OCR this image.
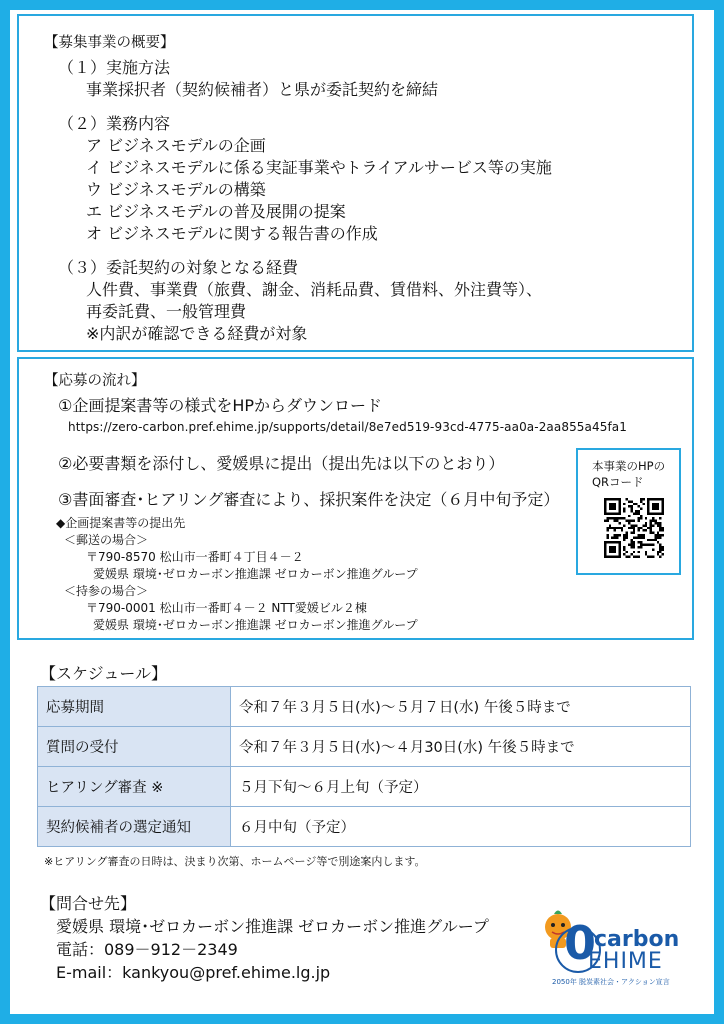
【募集事業の概要】
（１）実施方法
事業採択者（契約候補者）と県が委託契約を締結
（２）業務内容
ア ビジネスモデルの企画
イ ビジネスモデルに係る実証事業やトライアルサービス等の実施
ウ ビジネスモデルの構築
エ ビジネスモデルの普及展開の提案
オ ビジネスモデルに関する報告書の作成
（３）委託契約の対象となる経費
人件費、事業費（旅費、謝金、消耗品費、賃借料、外注費等）、
再委託費、一般管理費
※内訳が確認できる経費が対象
【応募の流れ】
①企画提案書等の様式をHPからダウンロード
https://zero-carbon.pref.ehime.jp/supports/detail/8e7ed519-93cd-4775-aa0a-2aa855a45fa1
②必要書類を添付し、愛媛県に提出（提出先は以下のとおり）
③書面審査･ヒアリング審査により、採択案件を決定（６月中旬予定）
◆企画提案書等の提出先
＜郵送の場合＞
〒790-8570 松山市一番町４丁目４－２
愛媛県 環境･ゼロカーボン推進課 ゼロカーボン推進グループ
＜持参の場合＞
〒790-0001 松山市一番町４－２ NTT愛媛ビル２棟
愛媛県 環境･ゼロカーボン推進課 ゼロカーボン推進グループ
本事業のHPの
QRコード
【スケジュール】
応募期間	令和７年３月５日(水)～５月７日(水) 午後５時まで
質問の受付	令和７年３月５日(水)～４月30日(水) 午後５時まで
ヒアリング審査 ※	５月下旬～６月上旬（予定）
契約候補者の選定通知	６月中旬（予定）
※ヒアリング審査の日時は、決まり次第、ホームページ等で別途案内します。
【問合せ先】
愛媛県 環境･ゼロカーボン推進課 ゼロカーボン推進グループ
電話：089－912－2349
E-mail：kankyou@pref.ehime.lg.jp
0
carbon
EHIME
2050年 脱炭素社会・アクション宣言
